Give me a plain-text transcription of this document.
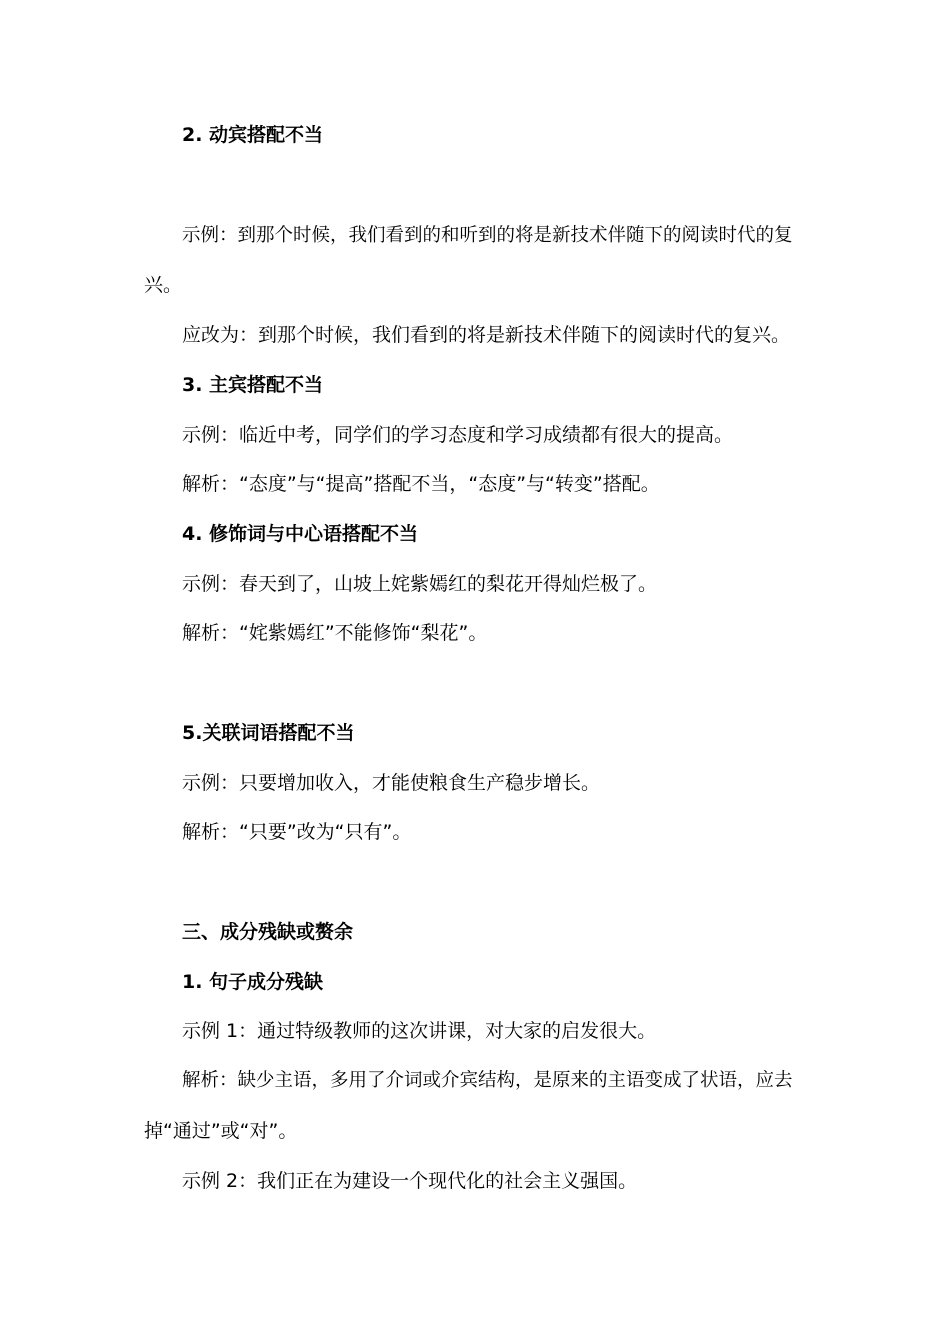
2. 动宾搭配不当
示例：到那个时候，我们看到的和听到的将是新技术伴随下的阅读时代的复
兴。
应改为：到那个时候，我们看到的将是新技术伴随下的阅读时代的复兴。
3. 主宾搭配不当
示例：临近中考，同学们的学习态度和学习成绩都有很大的提高。
解析：“态度”与“提高”搭配不当，“态度”与“转变”搭配。
4. 修饰词与中心语搭配不当
示例：春天到了，山坡上姹紫嫣红的梨花开得灿烂极了。
解析：“姹紫嫣红”不能修饰“梨花”。
5.关联词语搭配不当
示例：只要增加收入，才能使粮食生产稳步增长。
解析：“只要”改为“只有”。
三、成分残缺或赘余
1. 句子成分残缺
示例 1：通过特级教师的这次讲课，对大家的启发很大。
解析：缺少主语，多用了介词或介宾结构，是原来的主语变成了状语，应去
掉“通过”或“对”。
示例 2：我们正在为建设一个现代化的社会主义强国。
